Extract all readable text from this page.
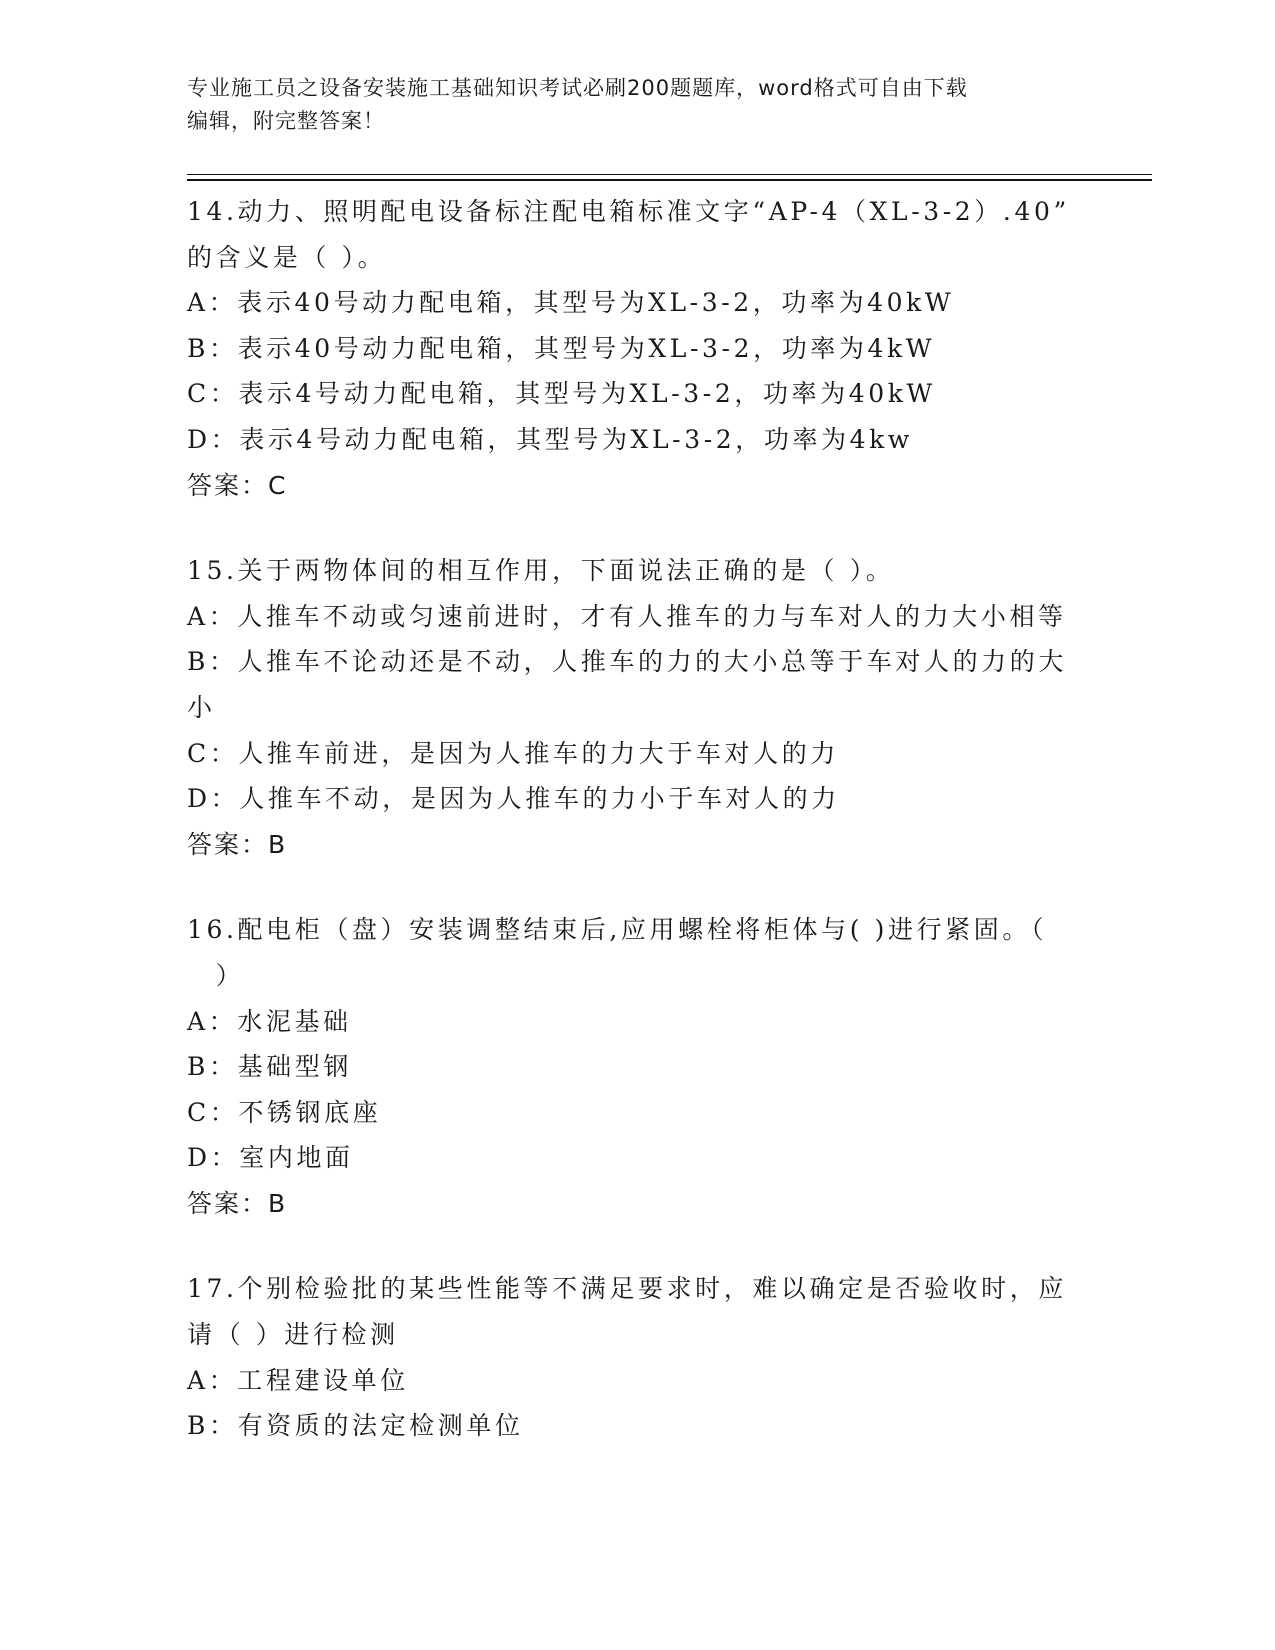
专业施工员之设备安装施工基础知识考试必刷200题题库，word格式可自由下载
编辑，附完整答案！
14.动力、照明配电设备标注配电箱标准文字“AP-4（XL-3-2）.40”
的含义是（ ）。
A：表示40号动力配电箱，其型号为XL-3-2，功率为40kW
B：表示40号动力配电箱，其型号为XL-3-2，功率为4kW
C：表示4号动力配电箱，其型号为XL-3-2，功率为40kW
D：表示4号动力配电箱，其型号为XL-3-2，功率为4kw
答案：C
15.关于两物体间的相互作用，下面说法正确的是（ ）。
A：人推车不动或匀速前进时，才有人推车的力与车对人的力大小相等
B：人推车不论动还是不动，人推车的力的大小总等于车对人的力的大
小
C：人推车前进，是因为人推车的力大于车对人的力
D：人推车不动，是因为人推车的力小于车对人的力
答案：B
16.配电柜（盘）安装调整结束后,应用螺栓将柜体与( )进行紧固。（
　）
A：水泥基础
B：基础型钢
C：不锈钢底座
D：室内地面
答案：B
17.个别检验批的某些性能等不满足要求时，难以确定是否验收时，应
请（ ）进行检测
A：工程建设单位
B：有资质的法定检测单位
